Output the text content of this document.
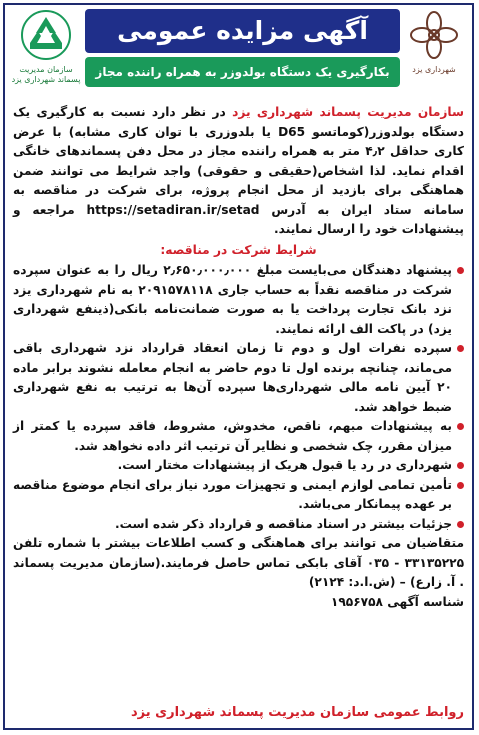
سازمان مدیریت پسماند شهرداری یزد
آگهی مزایده عمومی
بکارگیری یک دستگاه بولدوزر به همراه راننده مجاز	شهرداری یزد

سازمان مدیریت پسماند شهرداری یزد در نظر دارد نسبت به کارگیری یک دستگاه بولدوزر(کوماتسو D65 یا بلدوزری با توان کاری مشابه) با عرض کاری حداقل ۴٫۲ متر به همراه راننده مجاز در محل دفن پسماندهای خانگی اقدام نماید. لذا اشخاص(حقیقی و حقوقی) واجد شرایط می توانند ضمن هماهنگی برای بازدید از محل انجام پروژه، برای شرکت در مناقصه به سامانه ستاد ایران به آدرس https://setadiran.ir/setad مراجعه و پیشنهادات خود را ارسال نمایند.

شرایط شرکت در مناقصه:
پیشنهاد دهندگان می‌بایست مبلغ ۲٫۶۵۰٫۰۰۰٫۰۰۰ ریال را به عنوان سپرده شرکت در مناقصه نقداً به حساب جاری ۲۰۹۱۵۷۸۱۱۸ به نام شهرداری یزد نزد بانک تجارت پرداخت یا به صورت ضمانت‌نامه بانکی(ذینفع شهرداری یزد) در پاکت الف ارائه نمایند.
سپرده نفرات اول و دوم تا زمان انعقاد قرارداد نزد شهرداری باقی می‌ماند، چنانچه برنده اول تا دوم حاضر به انجام معامله نشوند برابر ماده ۲۰ آیین نامه مالی شهرداری‌ها سپرده آن‌ها به ترتیب به نفع شهرداری ضبط خواهد شد.
به پیشنهادات مبهم، ناقص، مخدوش، مشروط، فاقد سپرده یا کمتر از میزان مقرر، چک شخصی و نظایر آن ترتیب اثر داده نخواهد شد.
شهرداری در رد یا قبول هریک از پیشنهادات مختار است.
تأمین تمامی لوازم ایمنی و تجهیزات مورد نیاز برای انجام موضوع مناقصه بر عهده پیمانکار می‌باشد.
جزئیات بیشتر در اسناد مناقصه و قرارداد ذکر شده است.

متقاضیان می توانند برای هماهنگی و کسب اطلاعات بیشتر با شماره تلفن ۳۳۱۳۵۲۲۵ - ۰۳۵ آقای بابکی تماس حاصل فرمایند.(سازمان مدیریت پسماند . آ. زارع) – (ش.ا.د: ۲۱۲۴)

شناسه آگهی ۱۹۵۶۷۵۸

روابط عمومی سازمان مدیریت پسماند شهرداری یزد
